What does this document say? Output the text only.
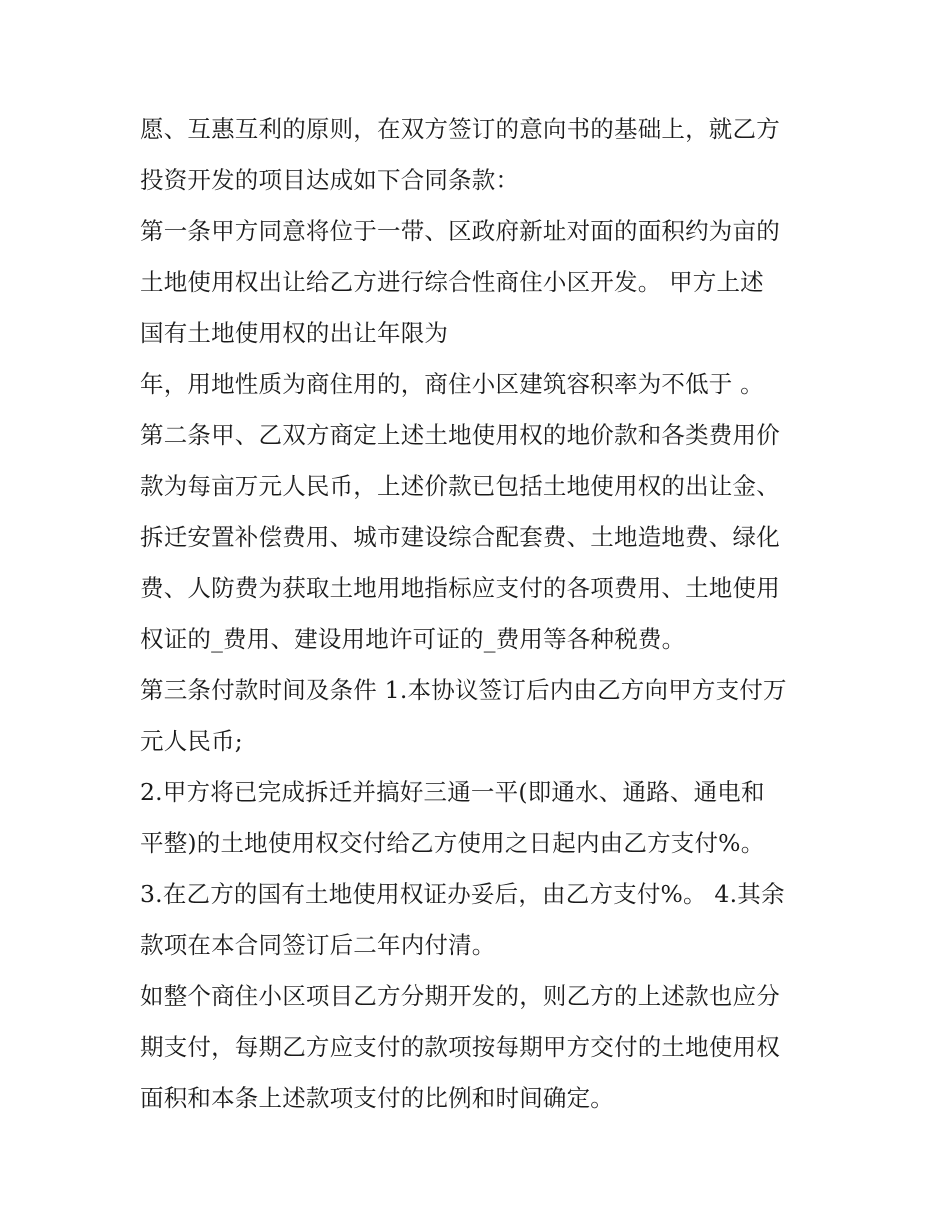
愿、互惠互利的原则，在双方签订的意向书的基础上，就乙方
投资开发的项目达成如下合同条款：
第一条甲方同意将位于一带、区政府新址对面的面积约为亩的
土地使用权出让给乙方进行综合性商住小区开发。 甲方上述
国有土地使用权的出让年限为
年，用地性质为商住用的，商住小区建筑容积率为不低于 。
第二条甲、乙双方商定上述土地使用权的地价款和各类费用价
款为每亩万元人民币，上述价款已包括土地使用权的出让金、
拆迁安置补偿费用、城市建设综合配套费、土地造地费、绿化
费、人防费为获取土地用地指标应支付的各项费用、土地使用
权证的_费用、建设用地许可证的_费用等各种税费。
第三条付款时间及条件 1.本协议签订后内由乙方向甲方支付万
元人民币;
2.甲方将已完成拆迁并搞好三通一平(即通水、通路、通电和
平整)的土地使用权交付给乙方使用之日起内由乙方支付%。
3.在乙方的国有土地使用权证办妥后，由乙方支付%。 4.其余
款项在本合同签订后二年内付清。
如整个商住小区项目乙方分期开发的，则乙方的上述款也应分
期支付，每期乙方应支付的款项按每期甲方交付的土地使用权
面积和本条上述款项支付的比例和时间确定。
